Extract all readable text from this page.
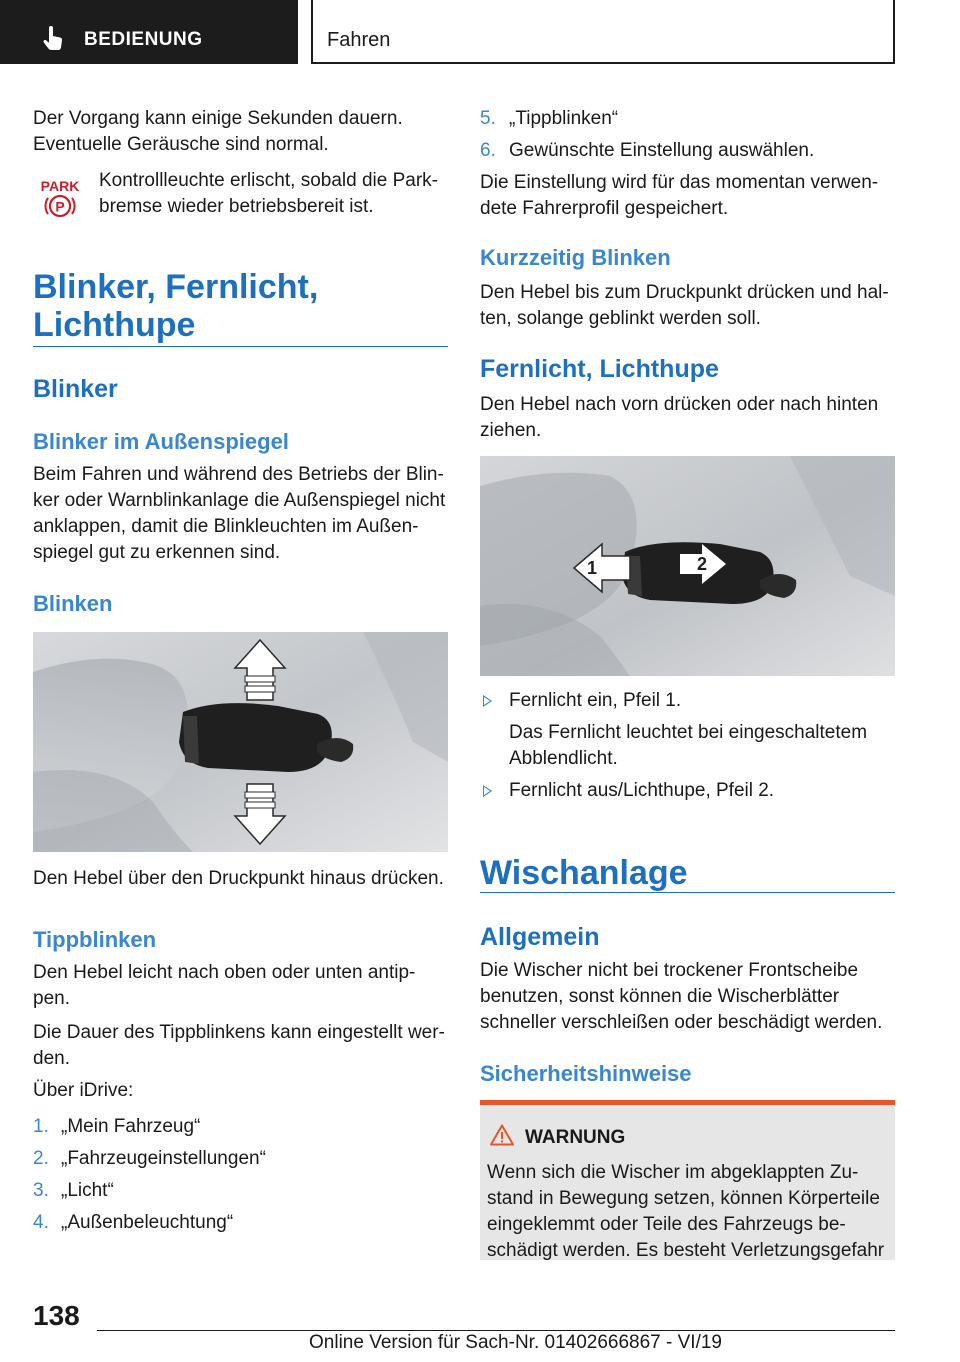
BEDIENUNG	Fahren

Der Vorgang kann einige Sekunden dauern.

Eventuelle Geräusche sind normal.

PARK
P

Kontrollleuchte erlischt, sobald die Park-

bremse wieder betriebsbereit ist.

Blinker, Fernlicht,

Lichthupe

Blinker

Blinker im Außenspiegel

Beim Fahren und während des Betriebs der Blin-

ker oder Warnblinkanlage die Außenspiegel nicht

anklappen, damit die Blinkleuchten im Außen-

spiegel gut zu erkennen sind.

Blinken

Den Hebel über den Druckpunkt hinaus drücken.

Tippblinken

Den Hebel leicht nach oben oder unten antip-

pen.

Die Dauer des Tippblinkens kann eingestellt wer-

den.

Über iDrive:

1. „Mein Fahrzeug“
2. „Fahrzeugeinstellungen“
3. „Licht“
4. „Außenbeleuchtung“
5. „Tippblinken“
6. Gewünschte Einstellung auswählen.

Die Einstellung wird für das momentan verwen-

dete Fahrerprofil gespeichert.

Kurzzeitig Blinken

Den Hebel bis zum Druckpunkt drücken und hal-

ten, solange geblinkt werden soll.

Fernlicht, Lichthupe

Den Hebel nach vorn drücken oder nach hinten

ziehen.

1	2
Fernlicht ein, Pfeil 1.
Das Fernlicht leuchtet bei eingeschaltetem
Abblendlicht.
Fernlicht aus/Lichthupe, Pfeil 2.

Wischanlage

Allgemein

Die Wischer nicht bei trockener Frontscheibe

benutzen, sonst können die Wischerblätter

schneller verschleißen oder beschädigt werden.

Sicherheitshinweise

WARNUNG

Wenn sich die Wischer im abgeklappten Zu-

stand in Bewegung setzen, können Körperteile

eingeklemmt oder Teile des Fahrzeugs be-

schädigt werden. Es besteht Verletzungsgefahr

138
Online Version für Sach-Nr. 01402666867 - VI/19
